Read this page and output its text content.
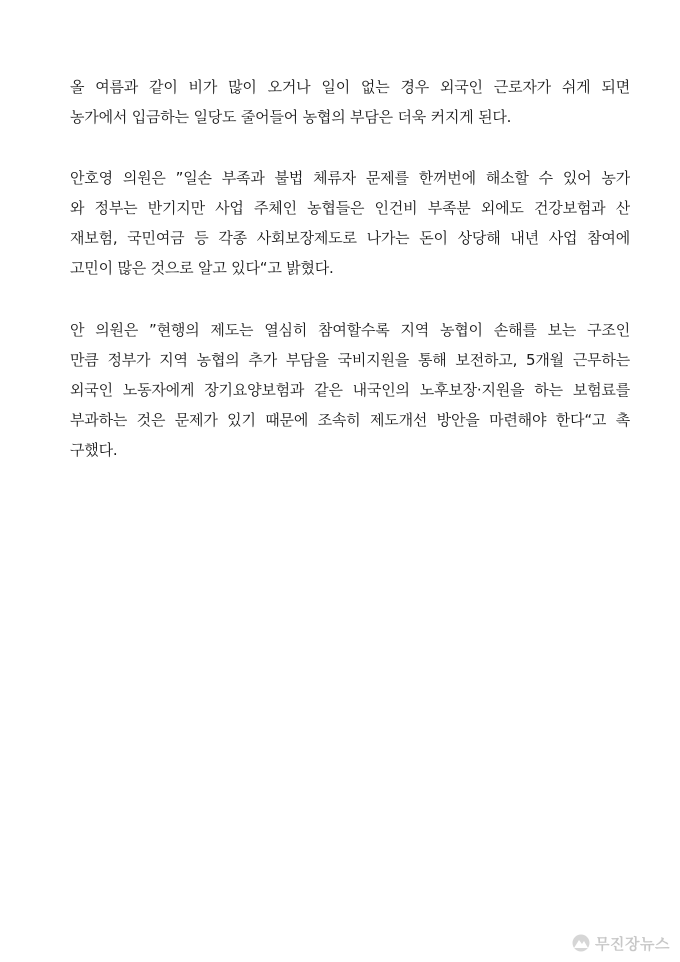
올 여름과 같이 비가 많이 오거나 일이 없는 경우 외국인 근로자가 쉬게 되면
농가에서 입금하는 일당도 줄어들어 농협의 부담은 더욱 커지게 된다.
안호영 의원은 ”일손 부족과 불법 체류자 문제를 한꺼번에 해소할 수 있어 농가
와 정부는 반기지만 사업 주체인 농협들은 인건비 부족분 외에도 건강보험과 산
재보험, 국민여금 등 각종 사회보장제도로 나가는 돈이 상당해 내년 사업 참여에
고민이 많은 것으로 알고 있다“고 밝혔다.
안 의원은 ”현행의 제도는 열심히 참여할수록 지역 농협이 손해를 보는 구조인
만큼 정부가 지역 농협의 추가 부담을 국비지원을 통해 보전하고, 5개월 근무하는
외국인 노동자에게 장기요양보험과 같은 내국인의 노후보장·지원을 하는 보험료를
부과하는 것은 문제가 있기 때문에 조속히 제도개선 방안을 마련해야 한다“고 촉
구했다.
무진장뉴스
